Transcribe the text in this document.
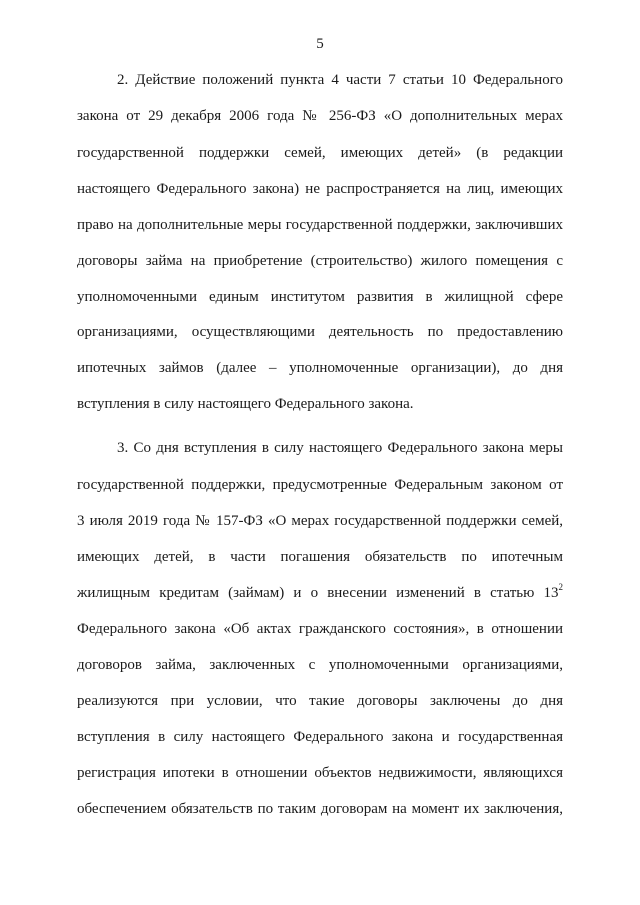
5
2. Действие положений пункта 4 части 7 статьи 10 Федерального
закона от 29 декабря 2006 года № 256-ФЗ «О дополнительных мерах
государственной поддержки семей, имеющих детей» (в редакции
настоящего Федерального закона) не распространяется на лиц, имеющих
право на дополнительные меры государственной поддержки, заключивших
договоры займа на приобретение (строительство) жилого помещения с
уполномоченными единым институтом развития в жилищной сфере
организациями, осуществляющими деятельность по предоставлению
ипотечных займов (далее – уполномоченные организации), до дня
вступления в силу настоящего Федерального закона.
3. Со дня вступления в силу настоящего Федерального закона меры
государственной поддержки, предусмотренные Федеральным законом от
3 июля 2019 года № 157-ФЗ «О мерах государственной поддержки семей,
имеющих детей, в части погашения обязательств по ипотечным
жилищным кредитам (займам) и о внесении изменений в статью $13^2$
Федерального закона «Об актах гражданского состояния», в отношении
договоров займа, заключенных с уполномоченными организациями,
реализуются при условии, что такие договоры заключены до дня
вступления в силу настоящего Федерального закона и государственная
регистрация ипотеки в отношении объектов недвижимости, являющихся
обеспечением обязательств по таким договорам на момент их заключения,
